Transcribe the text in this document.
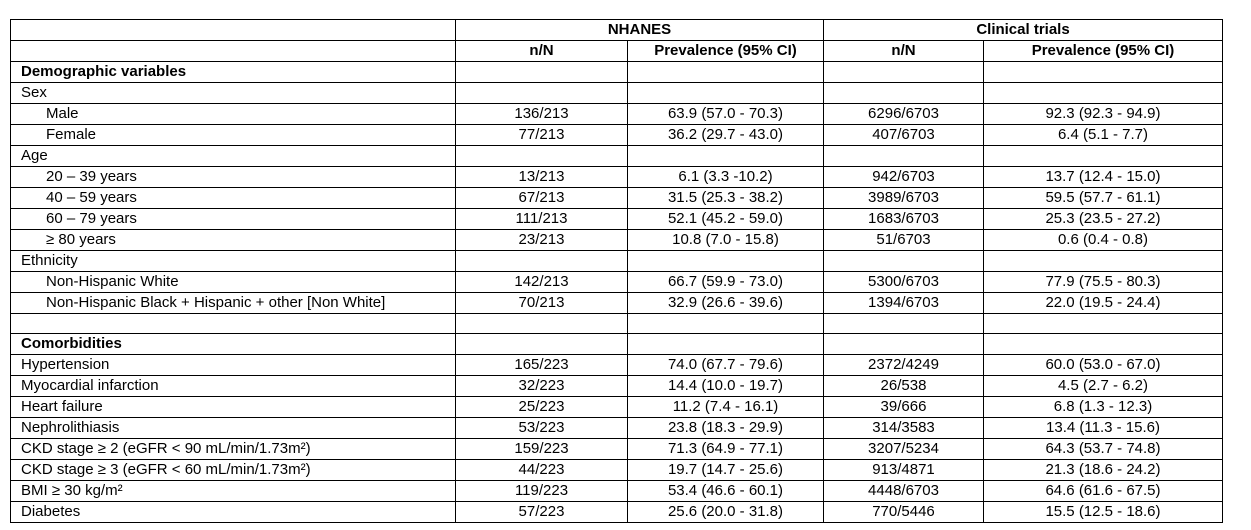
	NHANES		Clinical trials	
	n/N	Prevalence (95% CI)	n/N	Prevalence (95% CI)
Demographic variables				
Sex				
Male	136/213	63.9 (57.0 - 70.3)	6296/6703	92.3 (92.3 - 94.9)
Female	77/213	36.2 (29.7 - 43.0)	407/6703	6.4 (5.1 - 7.7)
Age				
20 – 39 years	13/213	6.1 (3.3 -10.2)	942/6703	13.7 (12.4 - 15.0)
40 – 59 years	67/213	31.5 (25.3 - 38.2)	3989/6703	59.5 (57.7 - 61.1)
60 – 79 years	111/213	52.1 (45.2 - 59.0)	1683/6703	25.3 (23.5 - 27.2)
≥ 80 years	23/213	10.8 (7.0 - 15.8)	51/6703	0.6 (0.4 - 0.8)
Ethnicity				
Non-Hispanic White	142/213	66.7 (59.9 - 73.0)	5300/6703	77.9 (75.5 - 80.3)
Non-Hispanic Black + Hispanic + other [Non White]	70/213	32.9 (26.6 - 39.6)	1394/6703	22.0 (19.5 - 24.4)

Comorbidities				
Hypertension	165/223	74.0 (67.7 - 79.6)	2372/4249	60.0 (53.0 - 67.0)
Myocardial infarction	32/223	14.4 (10.0 - 19.7)	26/538	4.5 (2.7 - 6.2)
Heart failure	25/223	11.2 (7.4 - 16.1)	39/666	6.8 (1.3 - 12.3)
Nephrolithiasis	53/223	23.8 (18.3 - 29.9)	314/3583	13.4 (11.3 - 15.6)
CKD stage ≥ 2 (eGFR < 90 mL/min/1.73m²)	159/223	71.3 (64.9 - 77.1)	3207/5234	64.3 (53.7 - 74.8)
CKD stage ≥ 3 (eGFR < 60 mL/min/1.73m²)	44/223	19.7 (14.7 - 25.6)	913/4871	21.3 (18.6 - 24.2)
BMI ≥ 30 kg/m²	119/223	53.4 (46.6 - 60.1)	4448/6703	64.6 (61.6 - 67.5)
Diabetes	57/223	25.6 (20.0 - 31.8)	770/5446	15.5 (12.5 - 18.6)
